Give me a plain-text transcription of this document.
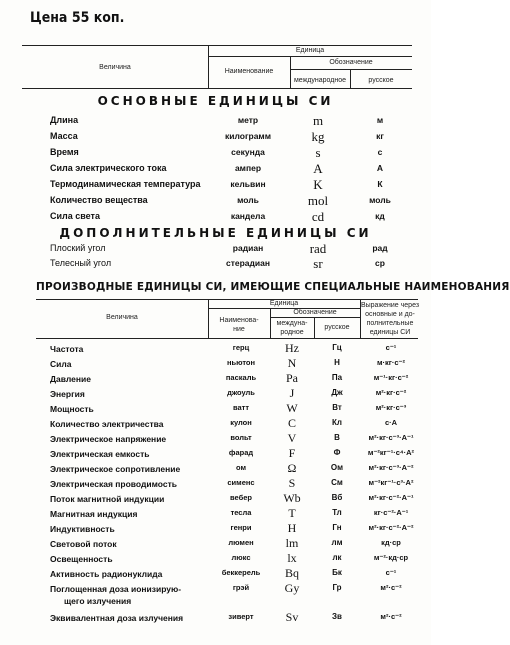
Цена 55 коп.
Величина
Единица
Наименование
Обозначение
международное	русское
ОСНОВНЫЕ ЕДИНИЦЫ СИ
Длина	метр	m	м
Масса	килограмм	kg	кг
Время	секунда	s	с
Сила электрического тока	ампер	A	А
Термодинамическая температура	кельвин	K	К
Количество вещества	моль	mol	моль
Сила света	кандела	cd	кд
ДОПОЛНИТЕЛЬНЫЕ ЕДИНИЦЫ СИ
Плоский угол	радиан	rad	рад
Телесный угол	стерадиан	sr	ср
ПРОИЗВОДНЫЕ ЕДИНИЦЫ СИ, ИМЕЮЩИЕ СПЕЦИАЛЬНЫЕ НАИМЕНОВАНИЯ
Величина
Единица
Наименова-
ние
Обозначение
междуна-
родное
русское
Выражение через
основные и до-
полнительные
единицы СИ
Частота	герц	Hz	Гц	с⁻¹
Сила	ньютон	N	Н	м·кг·с⁻²
Давление	паскаль	Pa	Па	м⁻¹·кг·с⁻²
Энергия	джоуль	J	Дж	м²·кг·с⁻²
Мощность	ватт	W	Вт	м²·кг·с⁻³
Количество электричества	кулон	C	Кл	с·А
Электрическое напряжение	вольт	V	В	м²·кг·с⁻³·А⁻¹
Электрическая емкость	фарад	F	Ф	м⁻²кг⁻¹·с⁴·А²
Электрическое сопротивление	ом	Ω	Ом	м²·кг·с⁻³·А⁻²
Электрическая проводимость	сименс	S	См	м⁻²кг⁻¹·с³·А²
Поток магнитной индукции	вебер	Wb	Вб	м²·кг·с⁻²·А⁻¹
Магнитная индукция	тесла	T	Тл	кг·с⁻²·А⁻¹
Индуктивность	генри	H	Гн	м²·кг·с⁻²·А⁻²
Световой поток	люмен	lm	лм	кд·ср
Освещенность	люкс	lx	лк	м⁻²·кд·ср
Активность радионуклида	беккерель	Bq	Бк	с⁻¹
Поглощенная доза ионизирую-
щего излучения
грэй	Gy	Гр	м²·с⁻²
Эквивалентная доза излучения	зиверт	Sv	Зв	м²·с⁻²
